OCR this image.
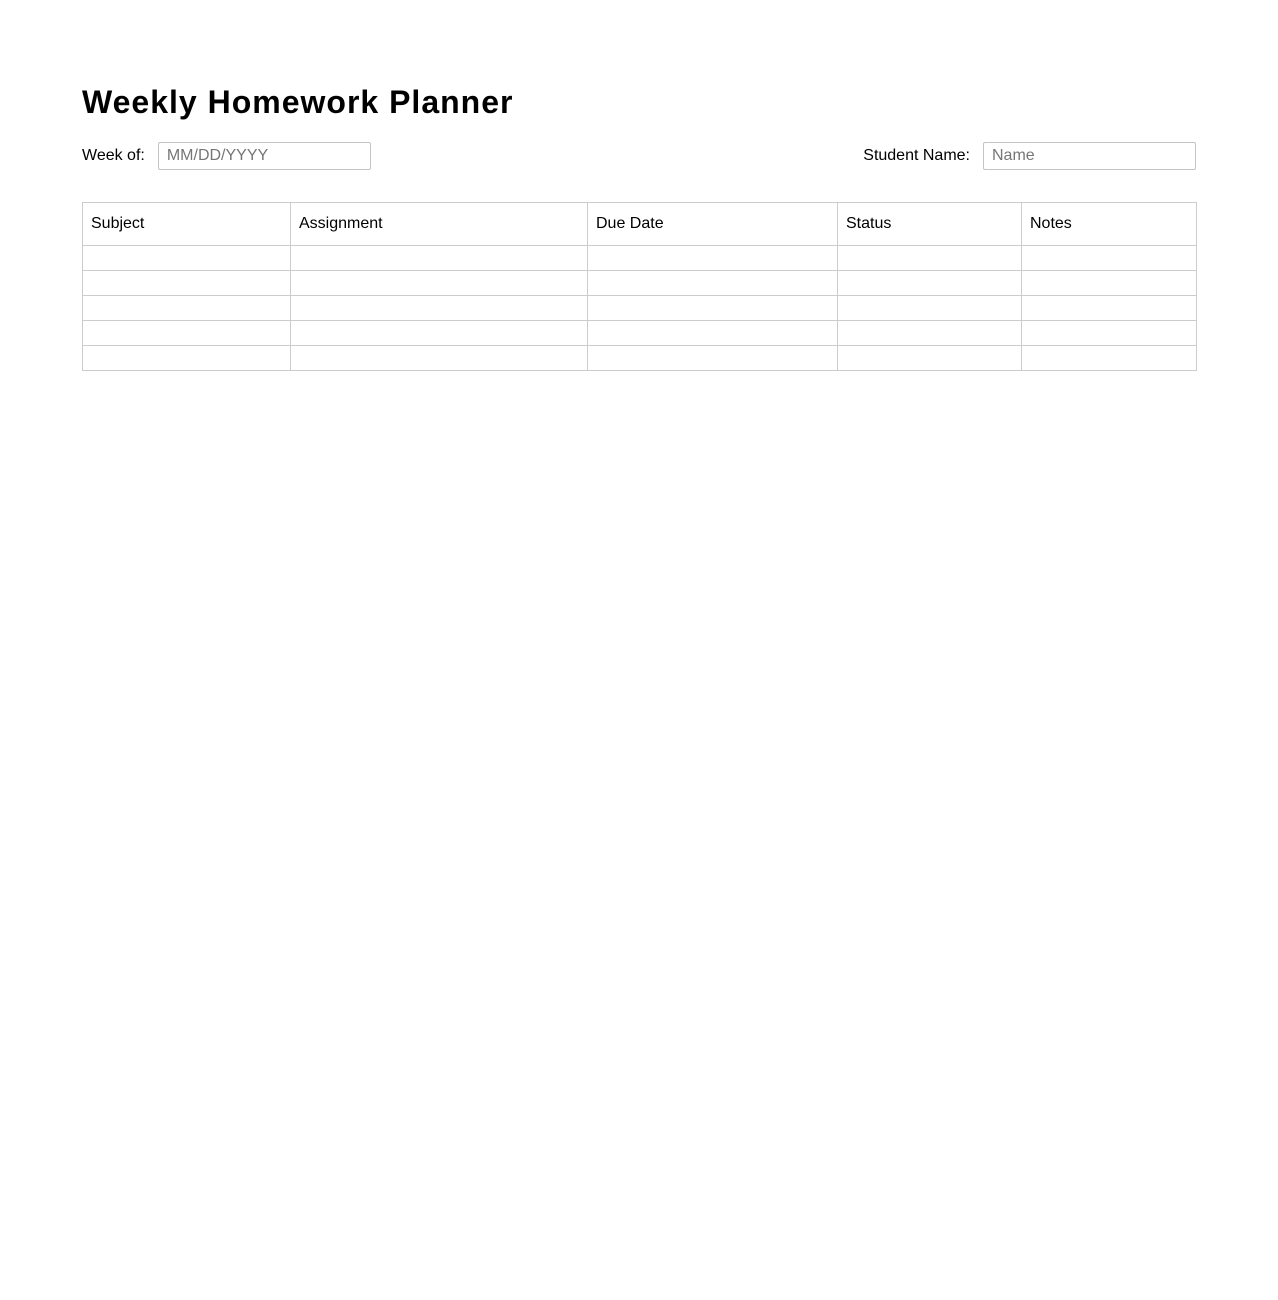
Weekly Homework Planner
Week of:
MM/DD/YYYY	Student Name:
Name
Subject	Assignment	Due Date	Status	Notes
